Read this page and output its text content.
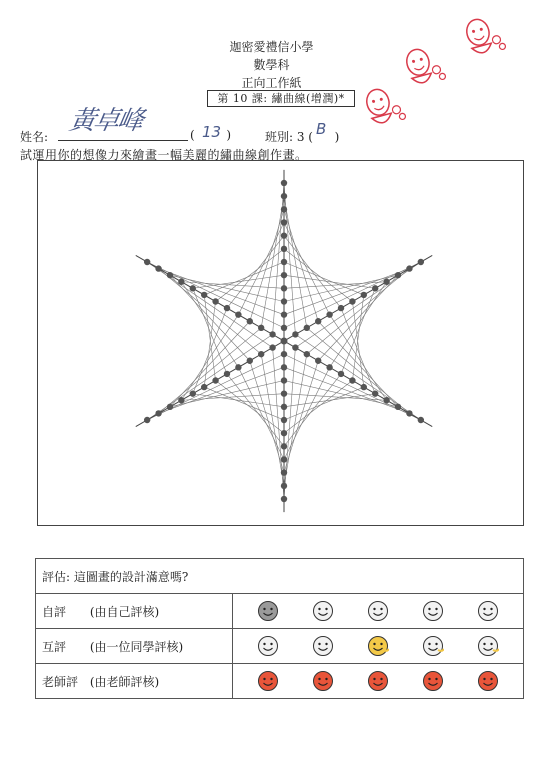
迦密愛禮信小學
數學科
正向工作紙
第 10 課: 繡曲線(增潤)*
姓名:
黃卓峰	(	)
13	班別: 3 ( )
B
試運用你的想像力來繪畫一幅美麗的繡曲線創作畫。
評估: 這圖畫的設計滿意嗎?	
自評 (由自己評核)	

互評 (由一位同學評核)	

老師評 (由老師評核)	
